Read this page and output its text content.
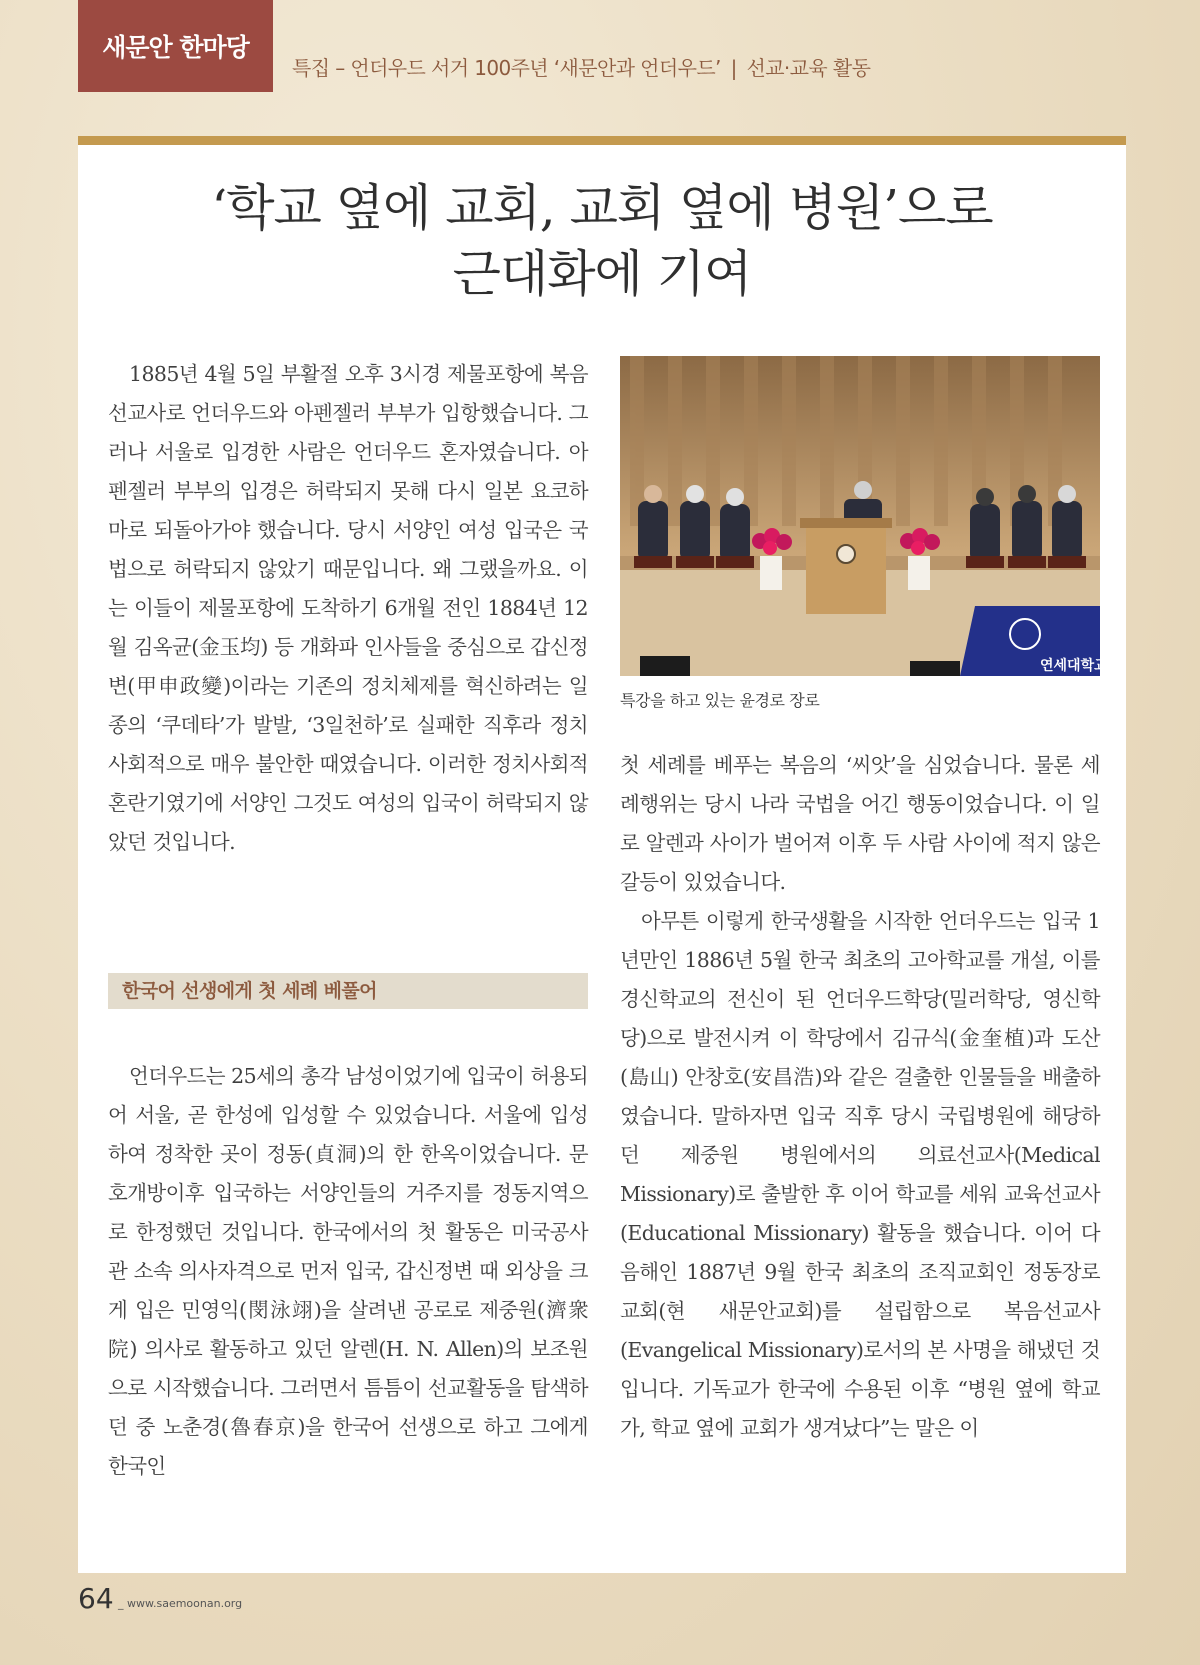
새문안 한마당
특집 – 언더우드 서거 100주년 ‘새문안과 언더우드’ | 선교·교육 활동
‘학교 옆에 교회, 교회 옆에 병원’으로
근대화에 기여

1885년 4월 5일 부활절 오후 3시경 제물포항에 복음 선교사로 언더우드와 아펜젤러 부부가 입항했습니다. 그러나 서울로 입경한 사람은 언더우드 혼자였습니다. 아펜젤러 부부의 입경은 허락되지 못해 다시 일본 요코하마로 되돌아가야 했습니다. 당시 서양인 여성 입국은 국법으로 허락되지 않았기 때문입니다. 왜 그랬을까요. 이는 이들이 제물포항에 도착하기 6개월 전인 1884년 12월 김옥균(金玉均) 등 개화파 인사들을 중심으로 갑신정변(甲申政變)이라는 기존의 정치체제를 혁신하려는 일종의 ‘쿠데타’가 발발, ‘3일천하’로 실패한 직후라 정치사회적으로 매우 불안한 때였습니다. 이러한 정치사회적 혼란기였기에 서양인 그것도 여성의 입국이 허락되지 않았던 것입니다.

한국어 선생에게 첫 세례 베풀어

언더우드는 25세의 총각 남성이었기에 입국이 허용되어 서울, 곧 한성에 입성할 수 있었습니다. 서울에 입성하여 정착한 곳이 정동(貞洞)의 한 한옥이었습니다. 문호개방이후 입국하는 서양인들의 거주지를 정동지역으로 한정했던 것입니다. 한국에서의 첫 활동은 미국공사관 소속 의사자격으로 먼저 입국, 갑신정변 때 외상을 크게 입은 민영익(閔泳翊)을 살려낸 공로로 제중원(濟衆院) 의사로 활동하고 있던 알렌(H. N. Allen)의 보조원으로 시작했습니다. 그러면서 틈틈이 선교활동을 탐색하던 중 노춘경(魯春京)을 한국어 선생으로 하고 그에게 한국인

연세대학교
특강을 하고 있는 윤경로 장로

첫 세례를 베푸는 복음의 ‘씨앗’을 심었습니다. 물론 세례행위는 당시 나라 국법을 어긴 행동이었습니다. 이 일로 알렌과 사이가 벌어져 이후 두 사람 사이에 적지 않은 갈등이 있었습니다.

아무튼 이렇게 한국생활을 시작한 언더우드는 입국 1년만인 1886년 5월 한국 최초의 고아학교를 개설, 이를 경신학교의 전신이 된 언더우드학당(밀러학당, 영신학당)으로 발전시켜 이 학당에서 김규식(金奎植)과 도산(島山) 안창호(安昌浩)와 같은 걸출한 인물들을 배출하였습니다. 말하자면 입국 직후 당시 국립병원에 해당하던 제중원 병원에서의 의료선교사(Medical Missionary)로 출발한 후 이어 학교를 세워 교육선교사(Educational Missionary) 활동을 했습니다. 이어 다음해인 1887년 9월 한국 최초의 조직교회인 정동장로교회(현 새문안교회)를 설립함으로 복음선교사(Evangelical Missionary)로서의 본 사명을 해냈던 것입니다. 기독교가 한국에 수용된 이후 “병원 옆에 학교가, 학교 옆에 교회가 생겨났다”는 말은 이

64 _ www.saemoonan.org
